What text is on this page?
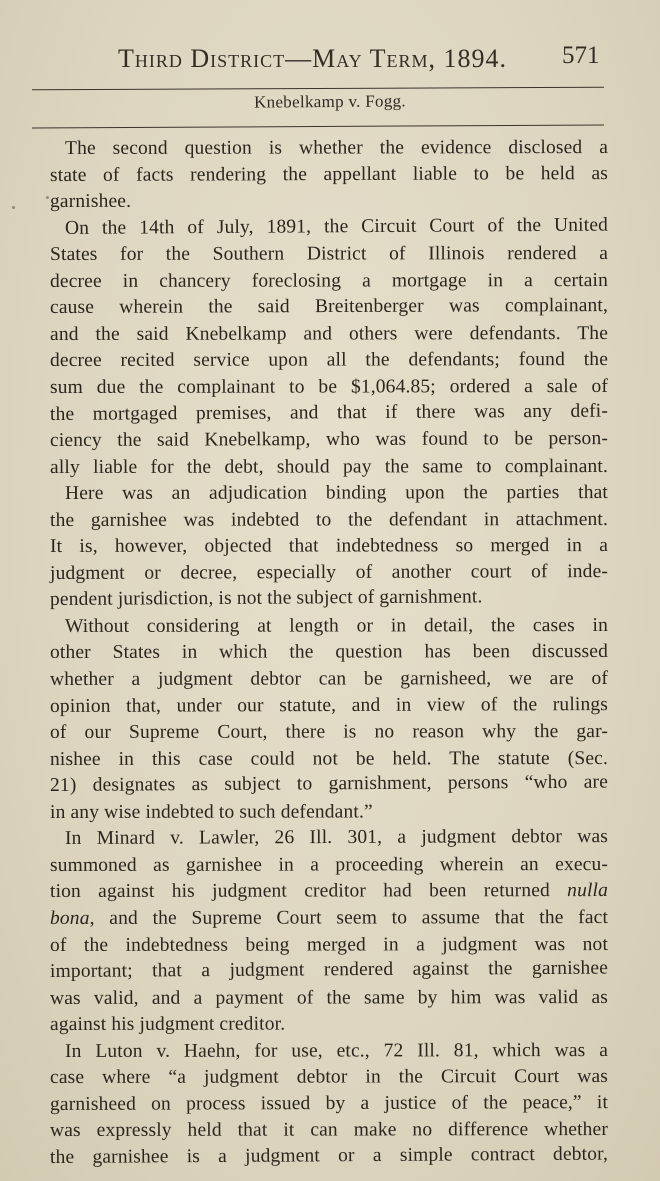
Third District—May Term, 1894. 571
Knebelkamp v. Fogg.
The second question is whether the evidence disclosed a
state of facts rendering the appellant liable to be held as
garnishee.
On the 14th of July, 1891, the Circuit Court of the United
States for the Southern District of Illinois rendered a
decree in chancery foreclosing a mortgage in a certain
cause wherein the said Breitenberger was complainant,
and the said Knebelkamp and others were defendants. The
decree recited service upon all the defendants; found the
sum due the complainant to be $1,064.85; ordered a sale of
the mortgaged premises, and that if there was any defi-
ciency the said Knebelkamp, who was found to be person-
ally liable for the debt, should pay the same to complainant.
Here was an adjudication binding upon the parties that
the garnishee was indebted to the defendant in attachment.
It is, however, objected that indebtedness so merged in a
judgment or decree, especially of another court of inde-
pendent jurisdiction, is not the subject of garnishment.
Without considering at length or in detail, the cases in
other States in which the question has been discussed
whether a judgment debtor can be garnisheed, we are of
opinion that, under our statute, and in view of the rulings
of our Supreme Court, there is no reason why the gar-
nishee in this case could not be held. The statute (Sec.
21) designates as subject to garnishment, persons “who are
in any wise indebted to such defendant.”
In Minard v. Lawler, 26 Ill. 301, a judgment debtor was
summoned as garnishee in a proceeding wherein an execu-
tion against his judgment creditor had been returned nulla
bona, and the Supreme Court seem to assume that the fact
of the indebtedness being merged in a judgment was not
important; that a judgment rendered against the garnishee
was valid, and a payment of the same by him was valid as
against his judgment creditor.
In Luton v. Haehn, for use, etc., 72 Ill. 81, which was a
case where “a judgment debtor in the Circuit Court was
garnisheed on process issued by a justice of the peace,” it
was expressly held that it can make no difference whether
the garnishee is a judgment or a simple contract debtor,
